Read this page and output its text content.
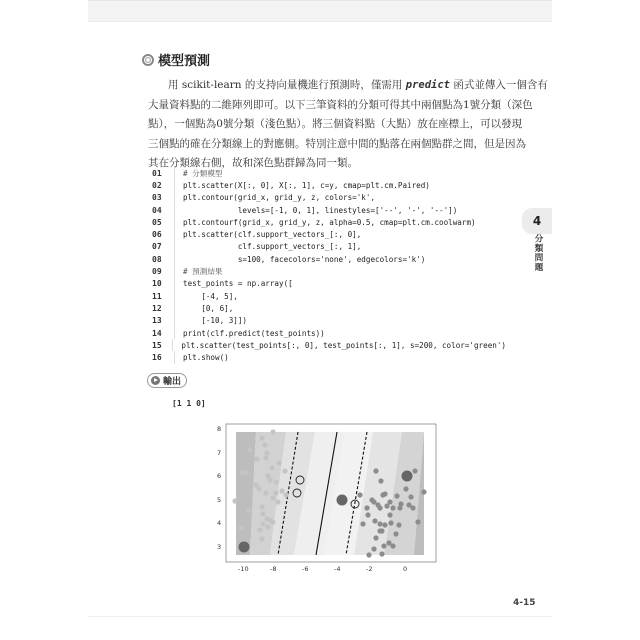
模型預測

用 scikit-learn 的支持向量機進行預測時，僅需用 predict 函式並傳入一個含有

大量資料點的二維陣列即可。以下三筆資料的分類可得其中兩個點為1號分類（深色

點），一個點為0號分類（淺色點）。將三個資料點（大點）放在座標上，可以發現

三個點的確在分類線上的對應側。特別注意中間的點落在兩個點群之間，但是因為

其在分類線右側，故和深色點群歸為同一類。

01	# 分類模型
02	plt.scatter(X[:, 0], X[:, 1], c=y, cmap=plt.cm.Paired)
03	plt.contour(grid_x, grid_y, z, colors='k',
04	levels=[-1, 0, 1], linestyles=['--', '-', '--'])
05	plt.contourf(grid_x, grid_y, z, alpha=0.5, cmap=plt.cm.coolwarm)
06	plt.scatter(clf.support_vectors_[:, 0],
07	clf.support_vectors_[:, 1],
08	s=100, facecolors='none', edgecolors='k')
09	# 預測結果
10	test_points = np.array([
11	[-4, 5],
12	[0, 6],
13	[-10, 3]])
14	print(clf.predict(test_points))
15	plt.scatter(test_points[:, 0], test_points[:, 1], s=200, color='green')
16	plt.show()
輸出
[1 1 0]
3
4
5
6
7
8
-10	-8	-6	-4	-2	0
4
分類問題
4-15
